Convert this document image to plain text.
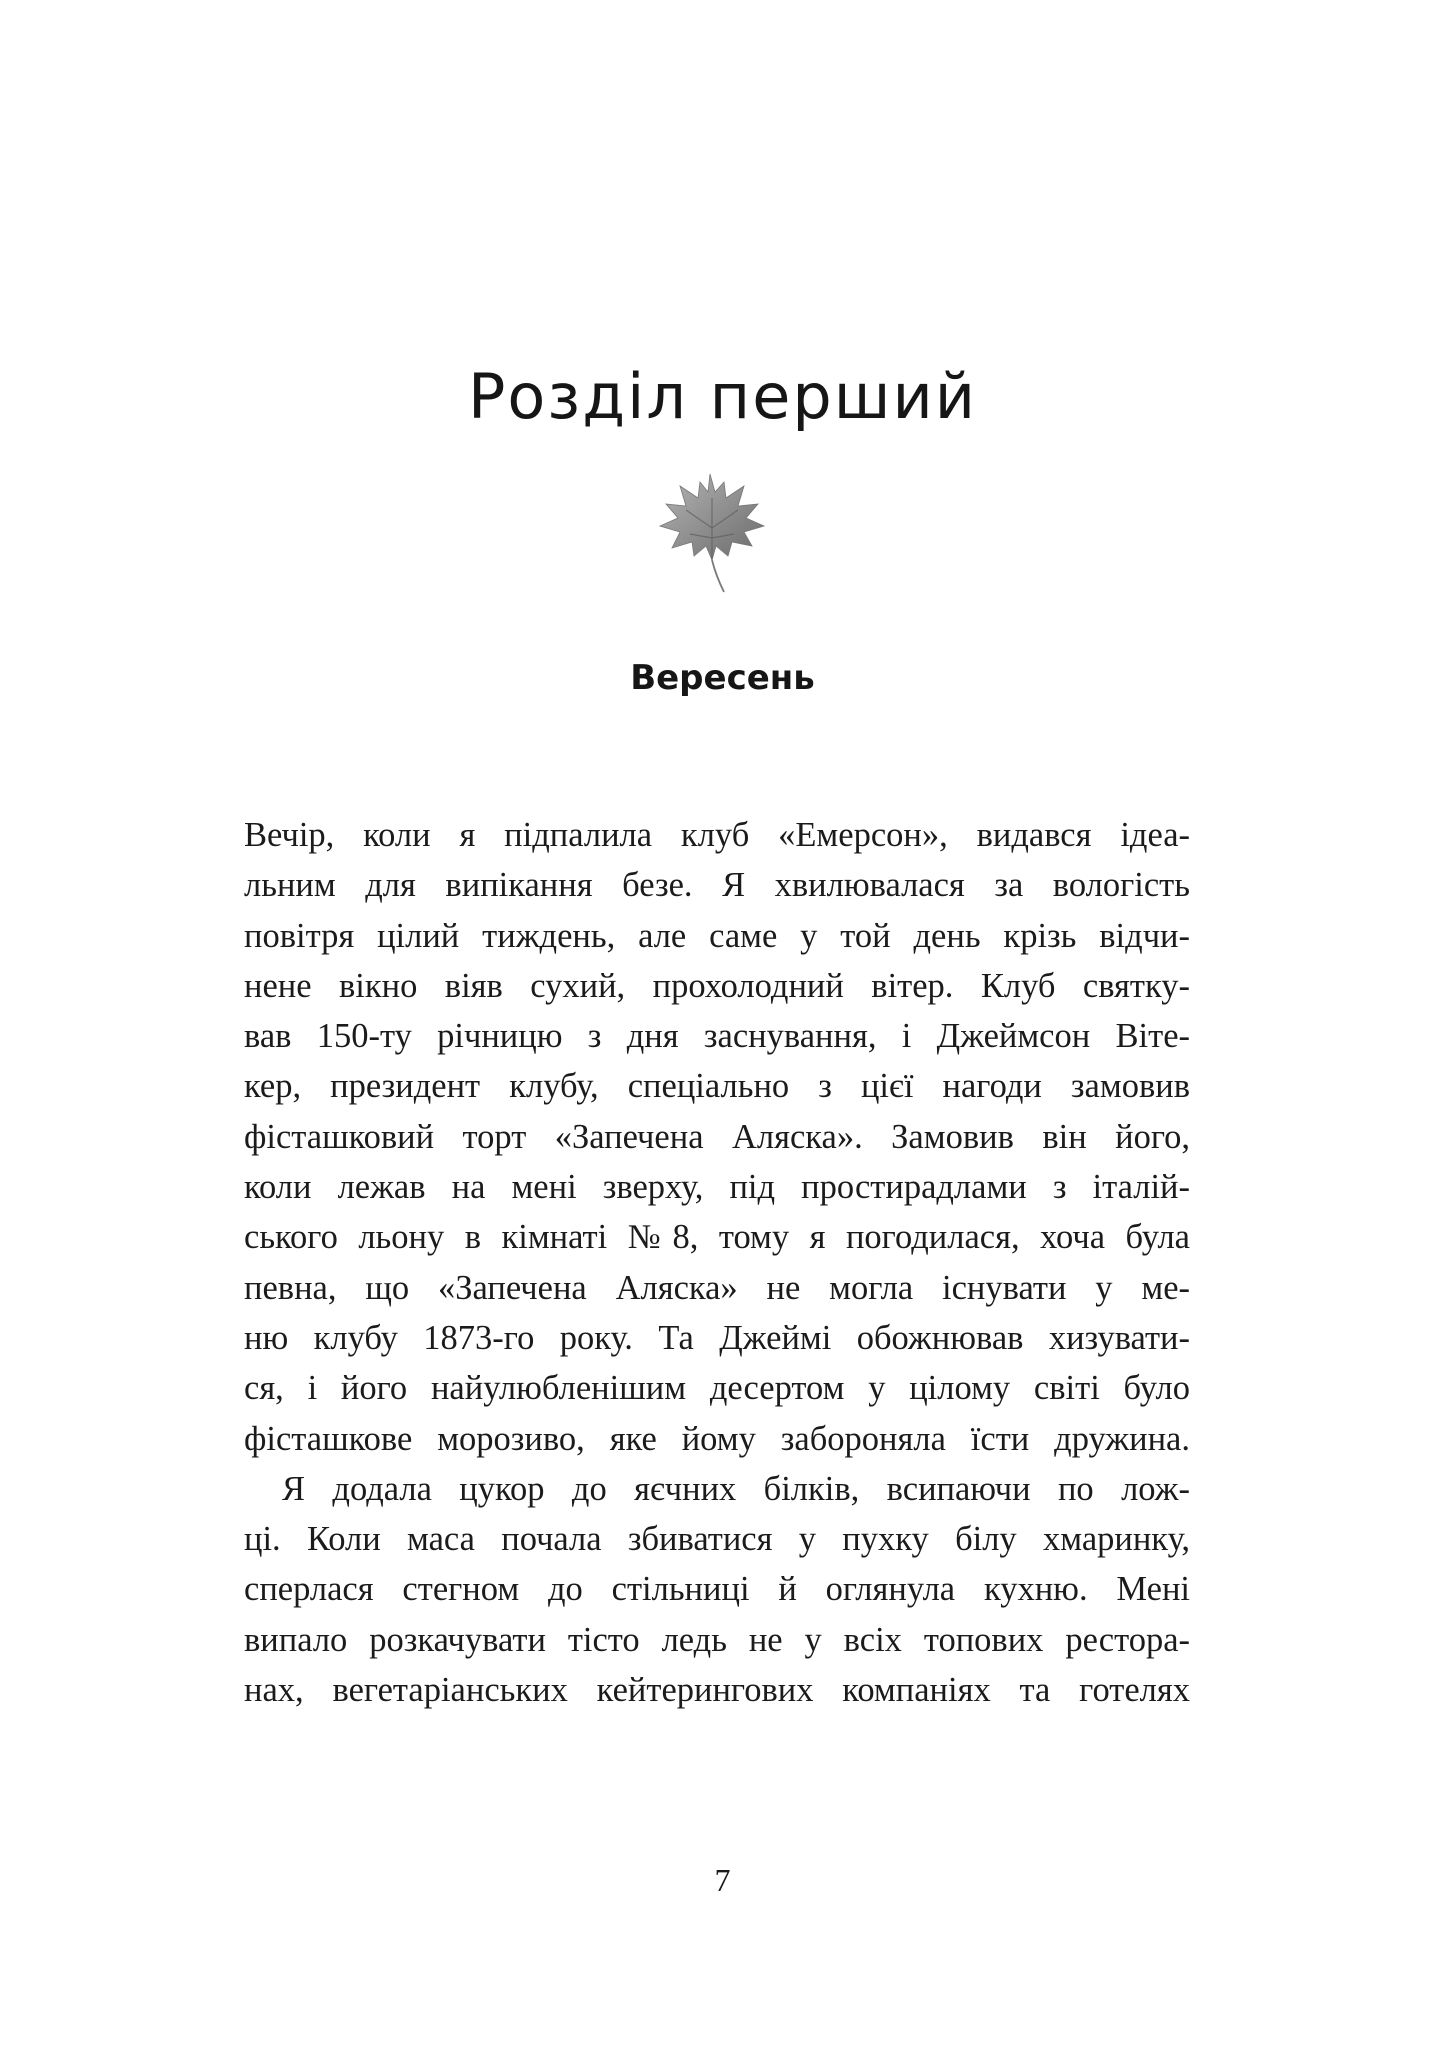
Розділ перший
Вересень
Вечір, коли я підпалила клуб «Емерсон», видався ідеа-
льним для випікання безе. Я хвилювалася за вологість
повітря цілий тиждень, але саме у той день крізь відчи-
нене вікно віяв сухий, прохолодний вітер. Клуб святку-
вав 150-ту річницю з дня заснування, і Джеймсон Віте-
кер, президент клубу, спеціально з цієї нагоди замовив
фісташковий торт «Запечена Аляска». Замовив він його,
коли лежав на мені зверху, під простирадлами з італій-
ського льону в кімнаті №8, тому я погодилася, хоча була
певна, що «Запечена Аляска» не могла існувати у ме-
ню клубу 1873-го року. Та Джеймі обожнював хизувати-
ся, і його найулюбленішим десертом у цілому світі було
фісташкове морозиво, яке йому забороняла їсти дружина.
Я додала цукор до яєчних білків, всипаючи по лож-
ці. Коли маса почала збиватися у пухку білу хмаринку,
сперлася стегном до стільниці й оглянула кухню. Мені
випало розкачувати тісто ледь не у всіх топових рестора-
нах, вегетаріанських кейтерингових компаніях та готелях
7
